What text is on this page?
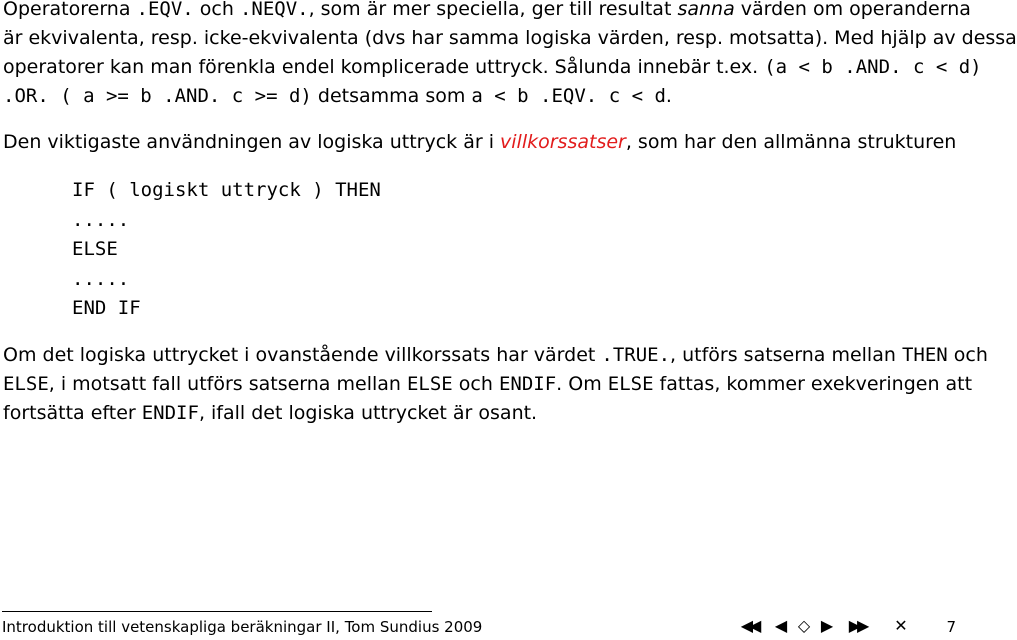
Operatorerna .EQV. och .NEQV., som är mer speciella, ger till resultat sanna värden om operanderna

är ekvivalenta, resp. icke-ekvivalenta (dvs har samma logiska värden, resp. motsatta). Med hjälp av dessa

operatorer kan man förenkla endel komplicerade uttryck. Sålunda innebär t.ex. (a < b .AND. c < d)

.OR. ( a >= b .AND. c >= d) detsamma som a < b .EQV. c < d.

Den viktigaste användningen av logiska uttryck är i villkorssatser, som har den allmänna strukturen

IF ( logiskt uttryck ) THEN
.....
ELSE
.....
END IF

Om det logiska uttrycket i ovanstående villkorssats har värdet .TRUE., utförs satserna mellan THEN och

ELSE, i motsatt fall utförs satserna mellan ELSE och ENDIF. Om ELSE fattas, kommer exekveringen att

fortsätta efter ENDIF, ifall det logiska uttrycket är osant.

Introduktion till vetenskapliga beräkningar II, Tom Sundius 2009	◀◀	◀ ◇ ▶ ▶▶	✕	7
